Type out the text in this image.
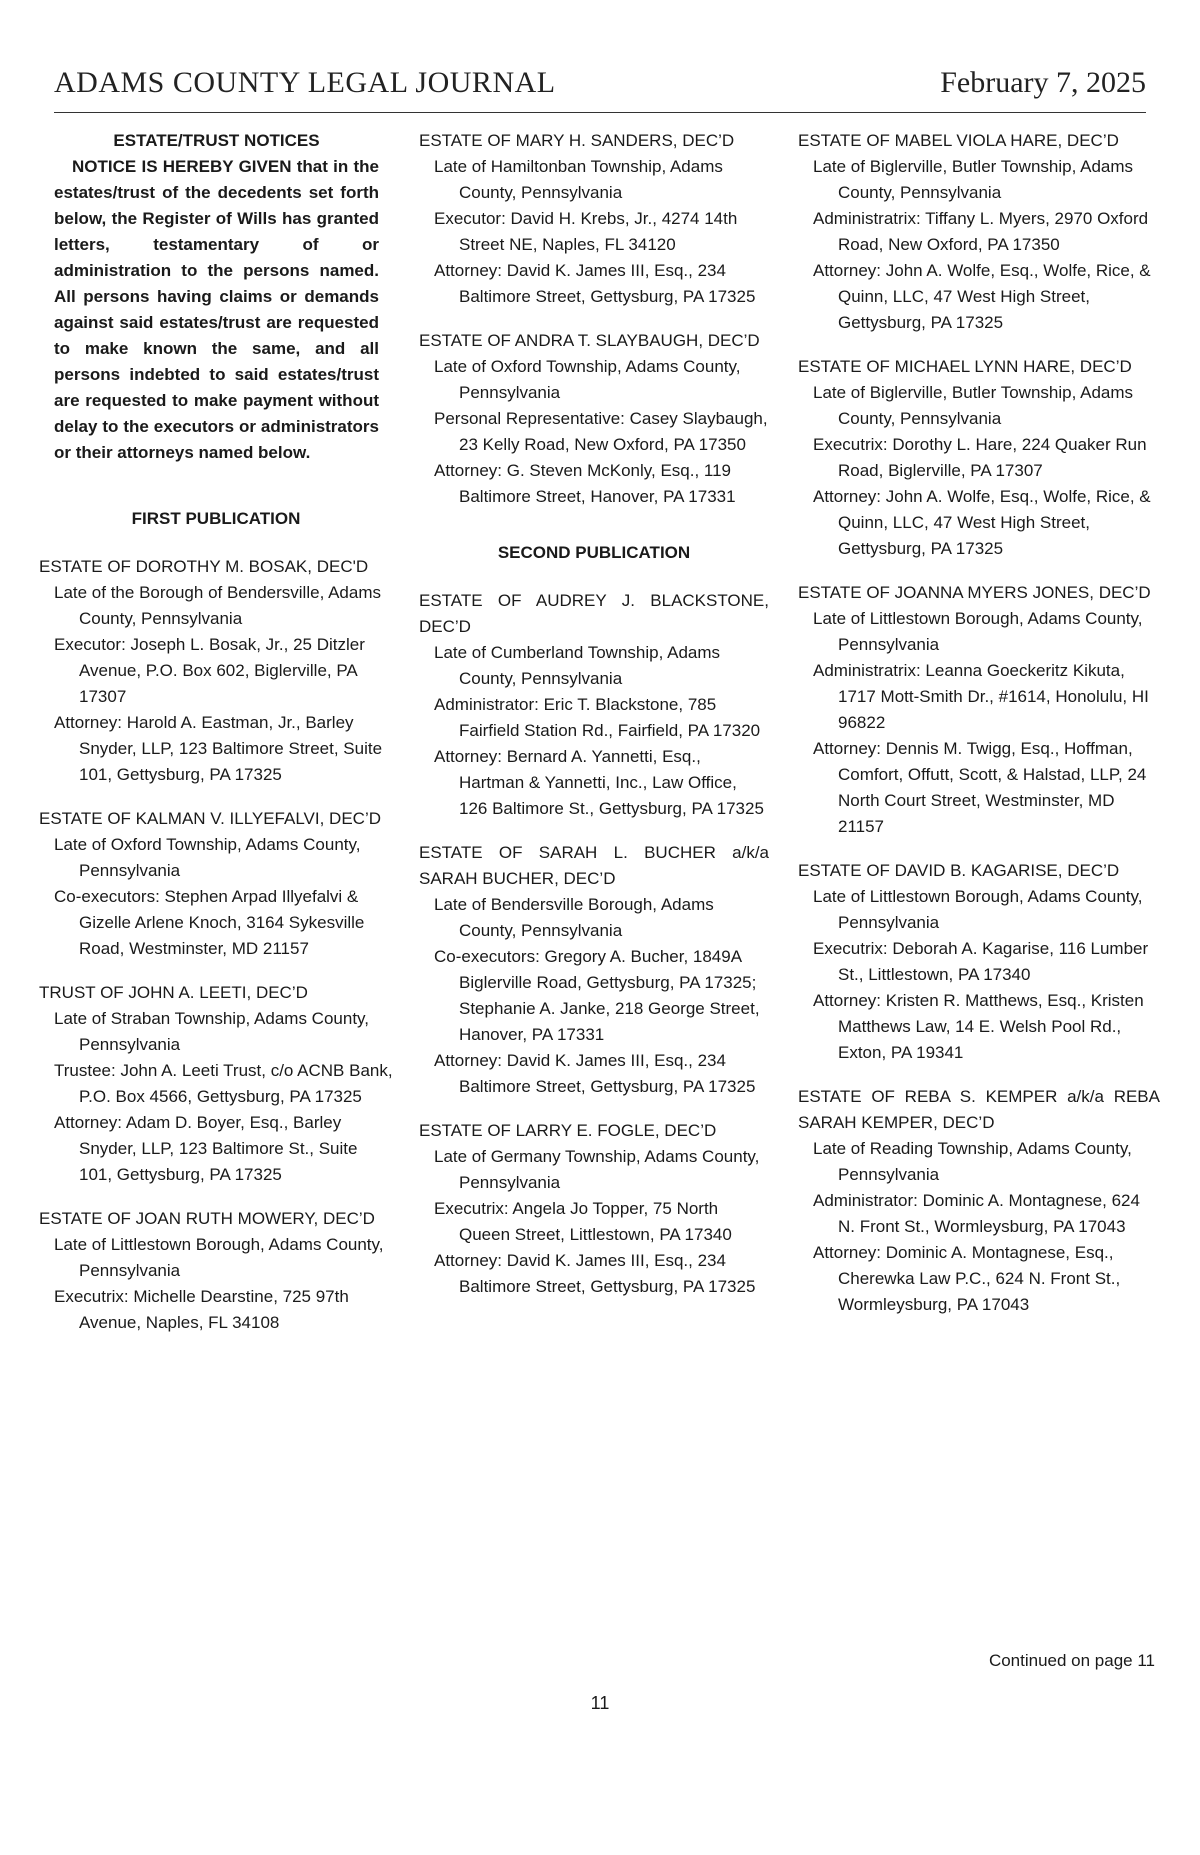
ADAMS COUNTY LEGAL JOURNAL	February 7, 2025
ESTATE/TRUST NOTICES
NOTICE IS HEREBY GIVEN that in the estates/trust of the decedents set forth below, the Register of Wills has granted letters, testamentary of or administration to the persons named. All persons having claims or demands against said estates/trust are requested to make known the same, and all persons indebted to said estates/trust are requested to make payment without delay to the executors or administrators or their attorneys named below.
FIRST PUBLICATION
ESTATE OF DOROTHY M. BOSAK, DEC'D
Late of the Borough of Bendersville, Adams County, Pennsylvania
Executor: Joseph L. Bosak, Jr., 25 Ditzler Avenue, P.O. Box 602, Biglerville, PA 17307
Attorney: Harold A. Eastman, Jr., Barley Snyder, LLP, 123 Baltimore Street, Suite 101, Gettysburg, PA 17325
ESTATE OF KALMAN V. ILLYEFALVI, DEC’D
Late of Oxford Township, Adams County, Pennsylvania
Co-executors: Stephen Arpad Illyefalvi & Gizelle Arlene Knoch, 3164 Sykesville Road, Westminster, MD 21157
TRUST OF JOHN A. LEETI, DEC’D
Late of Straban Township, Adams County, Pennsylvania
Trustee: John A. Leeti Trust, c/o ACNB Bank, P.O. Box 4566, Gettysburg, PA 17325
Attorney: Adam D. Boyer, Esq., Barley Snyder, LLP, 123 Baltimore St., Suite 101, Gettysburg, PA 17325
ESTATE OF JOAN RUTH MOWERY, DEC’D
Late of Littlestown Borough, Adams County, Pennsylvania
Executrix: Michelle Dearstine, 725 97th Avenue, Naples, FL 34108
ESTATE OF MARY H. SANDERS, DEC’D
Late of Hamiltonban Township, Adams County, Pennsylvania
Executor: David H. Krebs, Jr., 4274 14th Street NE, Naples, FL 34120
Attorney: David K. James III, Esq., 234 Baltimore Street, Gettysburg, PA 17325
ESTATE OF ANDRA T. SLAYBAUGH, DEC’D
Late of Oxford Township, Adams County, Pennsylvania
Personal Representative: Casey Slaybaugh, 23 Kelly Road, New Oxford, PA 17350
Attorney: G. Steven McKonly, Esq., 119 Baltimore Street, Hanover, PA 17331
SECOND PUBLICATION
ESTATE OF AUDREY J. BLACKSTONE, DEC’D
Late of Cumberland Township, Adams County, Pennsylvania
Administrator: Eric T. Blackstone, 785 Fairfield Station Rd., Fairfield, PA 17320
Attorney: Bernard A. Yannetti, Esq., Hartman & Yannetti, Inc., Law Office, 126 Baltimore St., Gettysburg, PA 17325
ESTATE OF SARAH L. BUCHER a/k/a SARAH BUCHER, DEC’D
Late of Bendersville Borough, Adams County, Pennsylvania
Co-executors: Gregory A. Bucher, 1849A Biglerville Road, Gettysburg, PA 17325; Stephanie A. Janke, 218 George Street, Hanover, PA 17331
Attorney: David K. James III, Esq., 234 Baltimore Street, Gettysburg, PA 17325
ESTATE OF LARRY E. FOGLE, DEC’D
Late of Germany Township, Adams County, Pennsylvania
Executrix: Angela Jo Topper, 75 North Queen Street, Littlestown, PA 17340
Attorney: David K. James III, Esq., 234 Baltimore Street, Gettysburg, PA 17325
ESTATE OF MABEL VIOLA HARE, DEC’D
Late of Biglerville, Butler Township, Adams County, Pennsylvania
Administratrix: Tiffany L. Myers, 2970 Oxford Road, New Oxford, PA 17350
Attorney: John A. Wolfe, Esq., Wolfe, Rice, & Quinn, LLC, 47 West High Street, Gettysburg, PA 17325
ESTATE OF MICHAEL LYNN HARE, DEC’D
Late of Biglerville, Butler Township, Adams County, Pennsylvania
Executrix: Dorothy L. Hare, 224 Quaker Run Road, Biglerville, PA 17307
Attorney: John A. Wolfe, Esq., Wolfe, Rice, & Quinn, LLC, 47 West High Street, Gettysburg, PA 17325
ESTATE OF JOANNA MYERS JONES, DEC’D
Late of Littlestown Borough, Adams County, Pennsylvania
Administratrix: Leanna Goeckeritz Kikuta, 1717 Mott-Smith Dr., #1614, Honolulu, HI 96822
Attorney: Dennis M. Twigg, Esq., Hoffman, Comfort, Offutt, Scott, & Halstad, LLP, 24 North Court Street, Westminster, MD 21157
ESTATE OF DAVID B. KAGARISE, DEC’D
Late of Littlestown Borough, Adams County, Pennsylvania
Executrix: Deborah A. Kagarise, 116 Lumber St., Littlestown, PA 17340
Attorney: Kristen R. Matthews, Esq., Kristen Matthews Law, 14 E. Welsh Pool Rd., Exton, PA 19341
ESTATE OF REBA S. KEMPER a/k/a REBA SARAH KEMPER, DEC’D
Late of Reading Township, Adams County, Pennsylvania
Administrator: Dominic A. Montagnese, 624 N. Front St., Wormleysburg, PA 17043
Attorney: Dominic A. Montagnese, Esq., Cherewka Law P.C., 624 N. Front St., Wormleysburg, PA 17043
Continued on page 11
11
